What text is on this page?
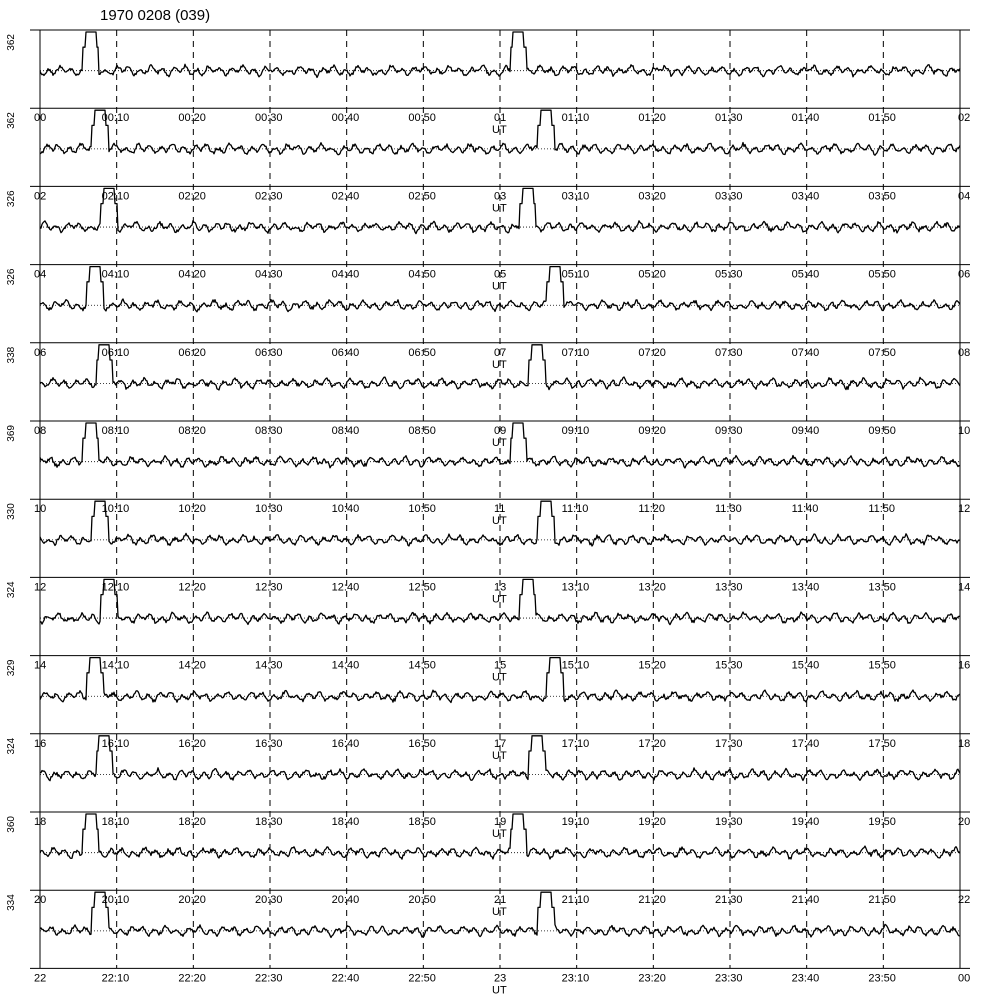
1970 0208 (039)
362
00	01	02
00:10	00:20	00:30	00:40	00:50	01:10	01:20	01:30	01:40	01:50
UT
362
02	03	04
02:10	02:20	02:30	02:40	02:50	03:10	03:20	03:30	03:40	03:50
UT
326
04	05	06
04:10	04:20	04:30	04:40	04:50	05:10	05:20	05:30	05:40	05:50
UT
326
06	07	08
06:10	06:20	06:30	06:40	06:50	07:10	07:20	07:30	07:40	07:50
UT
338
08	09	10
08:10	08:20	08:30	08:40	08:50	09:10	09:20	09:30	09:40	09:50
UT
369
10	11	12
10:10	10:20	10:30	10:40	10:50	11:10	11:20	11:30	11:40	11:50
UT
330
12	13	14
12:10	12:20	12:30	12:40	12:50	13:10	13:20	13:30	13:40	13:50
UT
324
14	15	16
14:10	14:20	14:30	14:40	14:50	15:10	15:20	15:30	15:40	15:50
UT
329
16	17	18
16:10	16:20	16:30	16:40	16:50	17:10	17:20	17:30	17:40	17:50
UT
324
18	19	20
18:10	18:20	18:30	18:40	18:50	19:10	19:20	19:30	19:40	19:50
UT
360
20	21	22
20:10	20:20	20:30	20:40	20:50	21:10	21:20	21:30	21:40	21:50
UT
334
22	23	00
22:10	22:20	22:30	22:40	22:50	23:10	23:20	23:30	23:40	23:50
UT
